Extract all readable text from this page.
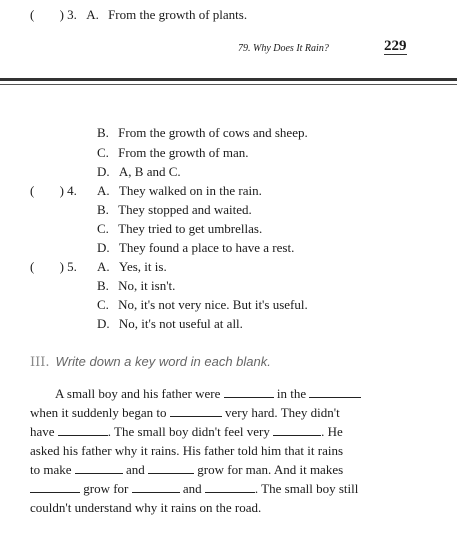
( ) 3. A. From the growth of plants.
79. Why Does It Rain?	229
B. From the growth of cows and sheep.
C. From the growth of man.
D. A, B and C.
( ) 4. A. They walked on in the rain.
B. They stopped and waited.
C. They tried to get umbrellas.
D. They found a place to have a rest.
( ) 5. A. Yes, it is.
B. No, it isn't.
C. No, it's not very nice. But it's useful.
D. No, it's not useful at all.
III. Write down a key word in each blank.
A small boy and his father were	in the
when it suddenly began to	very hard. They didn't
have	. The small boy didn't feel very	. He
asked his father why it rains. His father told him that it rains
to make	and	grow for man. And it makes
grow for	and	. The small boy still
couldn't understand why it rains on the road.
